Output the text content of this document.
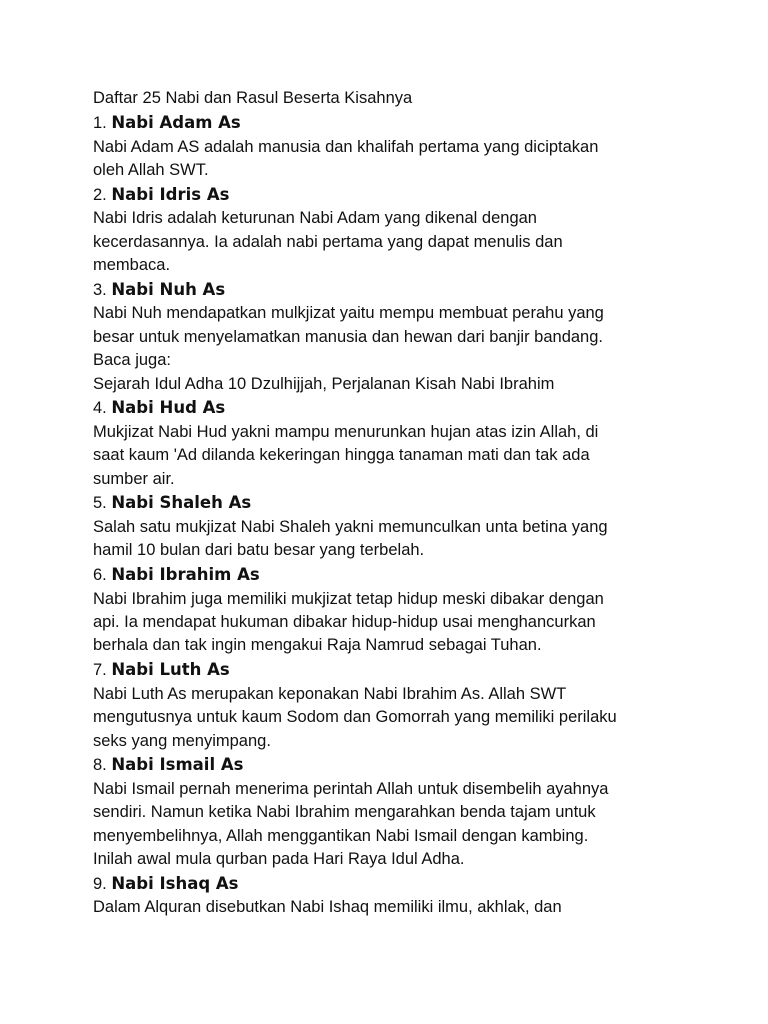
Daftar 25 Nabi dan Rasul Beserta Kisahnya
1. Nabi Adam As
Nabi Adam AS adalah manusia dan khalifah pertama yang diciptakan
oleh Allah SWT.
2. Nabi Idris As
Nabi Idris adalah keturunan Nabi Adam yang dikenal dengan
kecerdasannya. Ia adalah nabi pertama yang dapat menulis dan
membaca.
3. Nabi Nuh As
Nabi Nuh mendapatkan mulkjizat yaitu mempu membuat perahu yang
besar untuk menyelamatkan manusia dan hewan dari banjir bandang.
Baca juga:
Sejarah Idul Adha 10 Dzulhijjah, Perjalanan Kisah Nabi Ibrahim
4. Nabi Hud As
Mukjizat Nabi Hud yakni mampu menurunkan hujan atas izin Allah, di
saat kaum 'Ad dilanda kekeringan hingga tanaman mati dan tak ada
sumber air.
5. Nabi Shaleh As
Salah satu mukjizat Nabi Shaleh yakni memunculkan unta betina yang
hamil 10 bulan dari batu besar yang terbelah.
6. Nabi Ibrahim As
Nabi Ibrahim juga memiliki mukjizat tetap hidup meski dibakar dengan
api. Ia mendapat hukuman dibakar hidup-hidup usai menghancurkan
berhala dan tak ingin mengakui Raja Namrud sebagai Tuhan.
7. Nabi Luth As
Nabi Luth As merupakan keponakan Nabi Ibrahim As. Allah SWT
mengutusnya untuk kaum Sodom dan Gomorrah yang memiliki perilaku
seks yang menyimpang.
8. Nabi Ismail As
Nabi Ismail pernah menerima perintah Allah untuk disembelih ayahnya
sendiri. Namun ketika Nabi Ibrahim mengarahkan benda tajam untuk
menyembelihnya, Allah menggantikan Nabi Ismail dengan kambing.
Inilah awal mula qurban pada Hari Raya Idul Adha.
9. Nabi Ishaq As
Dalam Alquran disebutkan Nabi Ishaq memiliki ilmu, akhlak, dan
